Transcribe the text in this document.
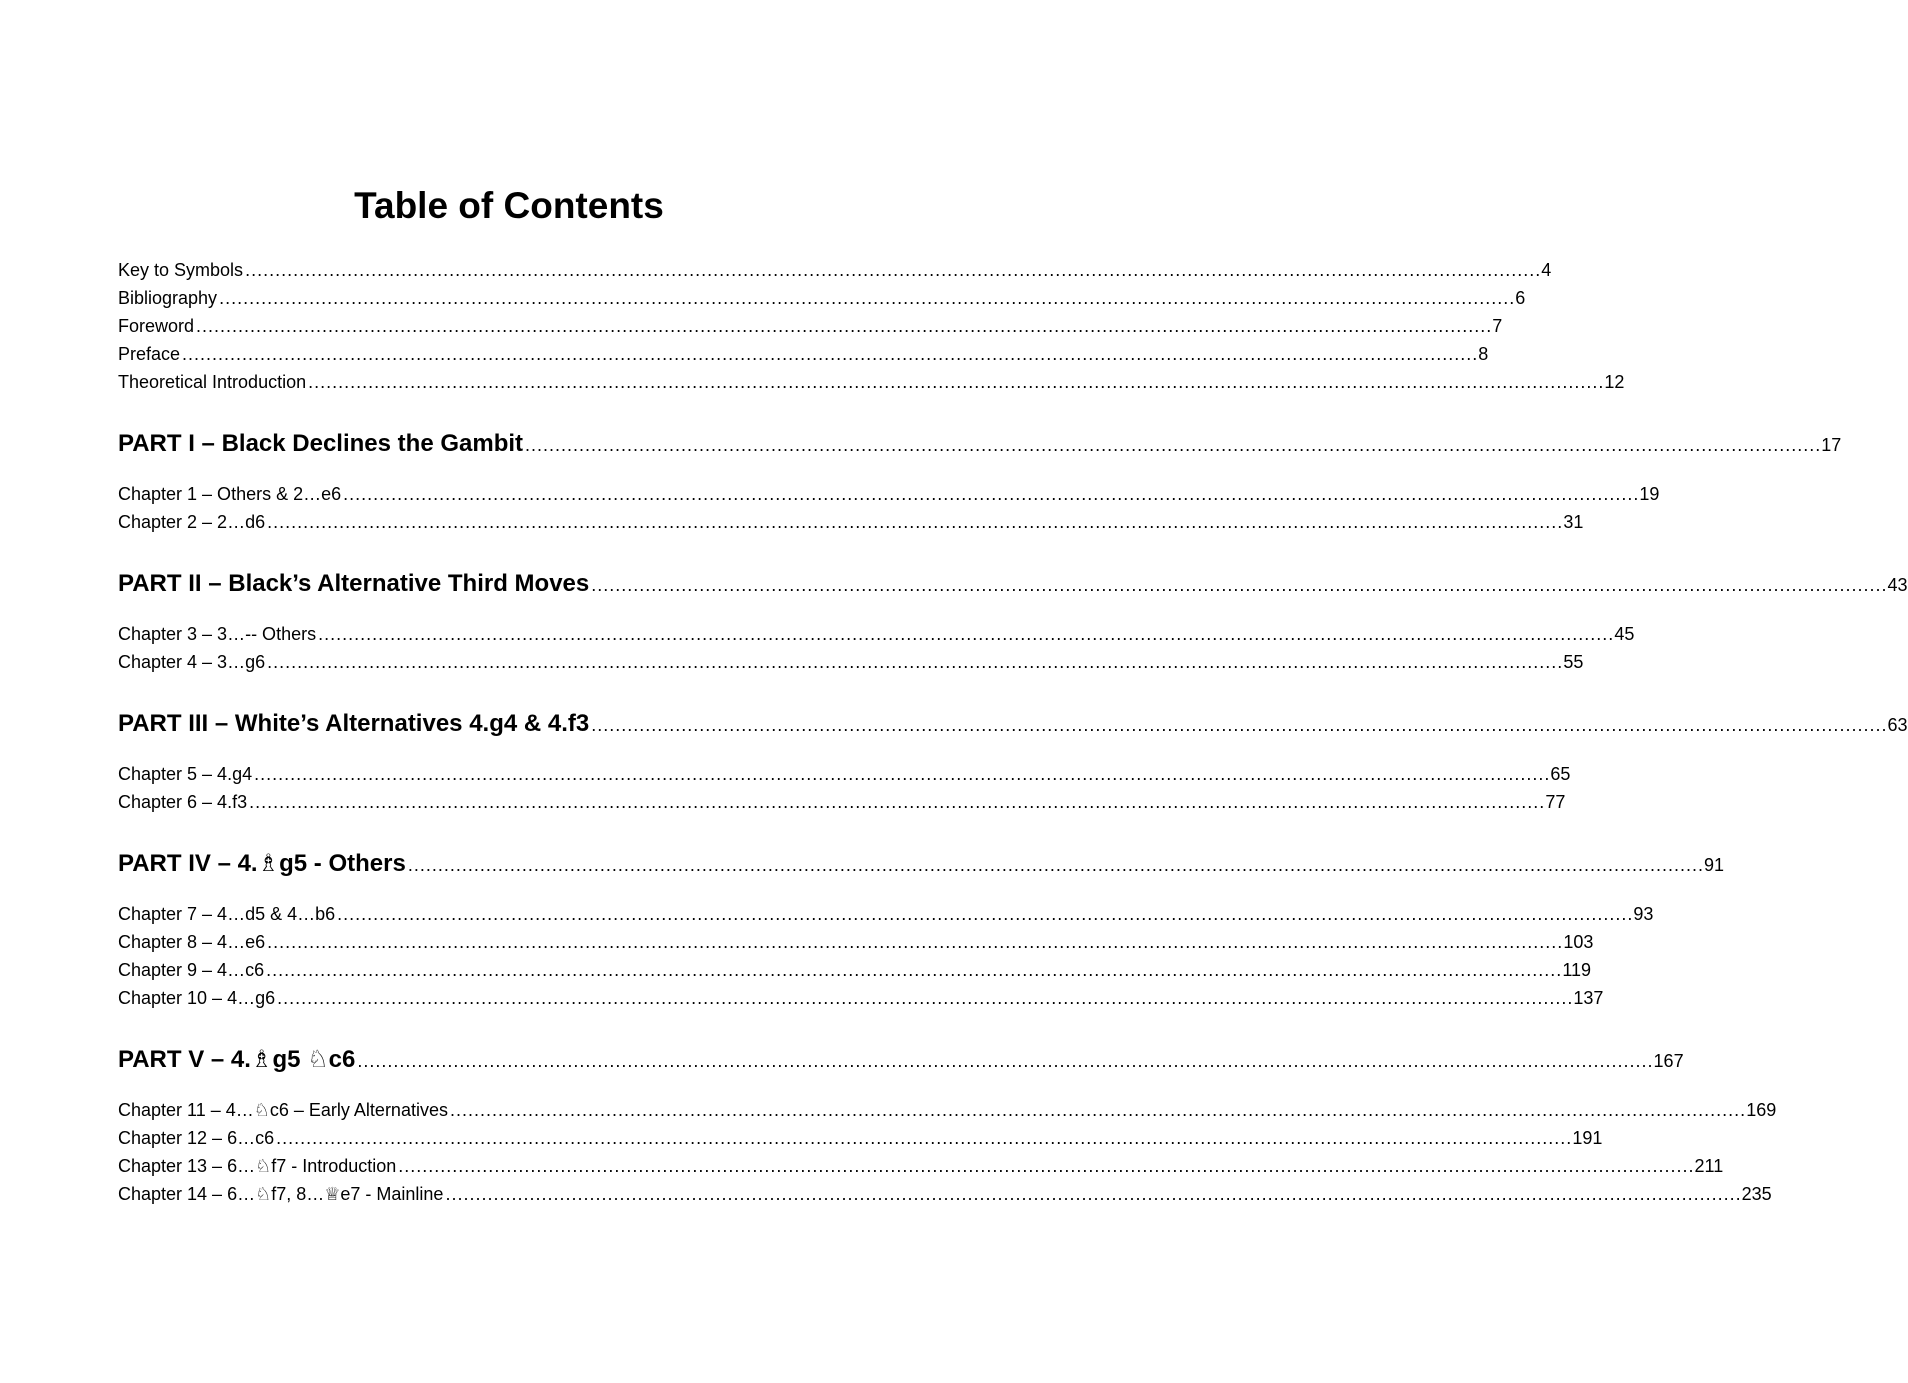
Table of Contents
Key to Symbols ........................................................................................................................................................................................................................ 4
Bibliography ........................................................................................................................................................................................................................ 6
Foreword ........................................................................................................................................................................................................................ 7
Preface ........................................................................................................................................................................................................................ 8
Theoretical Introduction ........................................................................................................................................................................................................................ 12
PART I – Black Declines the Gambit ........................................................................................................................................................................................................................ 17
Chapter 1 – Others & 2…e6 ........................................................................................................................................................................................................................ 19
Chapter 2 – 2…d6 ........................................................................................................................................................................................................................ 31
PART II – Black’s Alternative Third Moves ........................................................................................................................................................................................................................ 43
Chapter 3 – 3…-- Others ........................................................................................................................................................................................................................ 45
Chapter 4 – 3…g6 ........................................................................................................................................................................................................................ 55
PART III – White’s Alternatives 4.g4 & 4.f3 ........................................................................................................................................................................................................................ 63
Chapter 5 – 4.g4 ........................................................................................................................................................................................................................ 65
Chapter 6 – 4.f3 ........................................................................................................................................................................................................................ 77
PART IV – 4.♗g5 - Others ........................................................................................................................................................................................................................ 91
Chapter 7 – 4…d5 & 4…b6 ........................................................................................................................................................................................................................ 93
Chapter 8 – 4…e6 ........................................................................................................................................................................................................................ 103
Chapter 9 – 4…c6 ........................................................................................................................................................................................................................ 119
Chapter 10 – 4…g6 ........................................................................................................................................................................................................................ 137
PART V – 4.♗g5 ♘c6 ........................................................................................................................................................................................................................ 167
Chapter 11 – 4…♘c6 – Early Alternatives ........................................................................................................................................................................................................................ 169
Chapter 12 – 6…c6 ........................................................................................................................................................................................................................ 191
Chapter 13 – 6…♘f7 - Introduction ........................................................................................................................................................................................................................ 211
Chapter 14 – 6…♘f7, 8…♕e7 - Mainline ........................................................................................................................................................................................................................ 235
